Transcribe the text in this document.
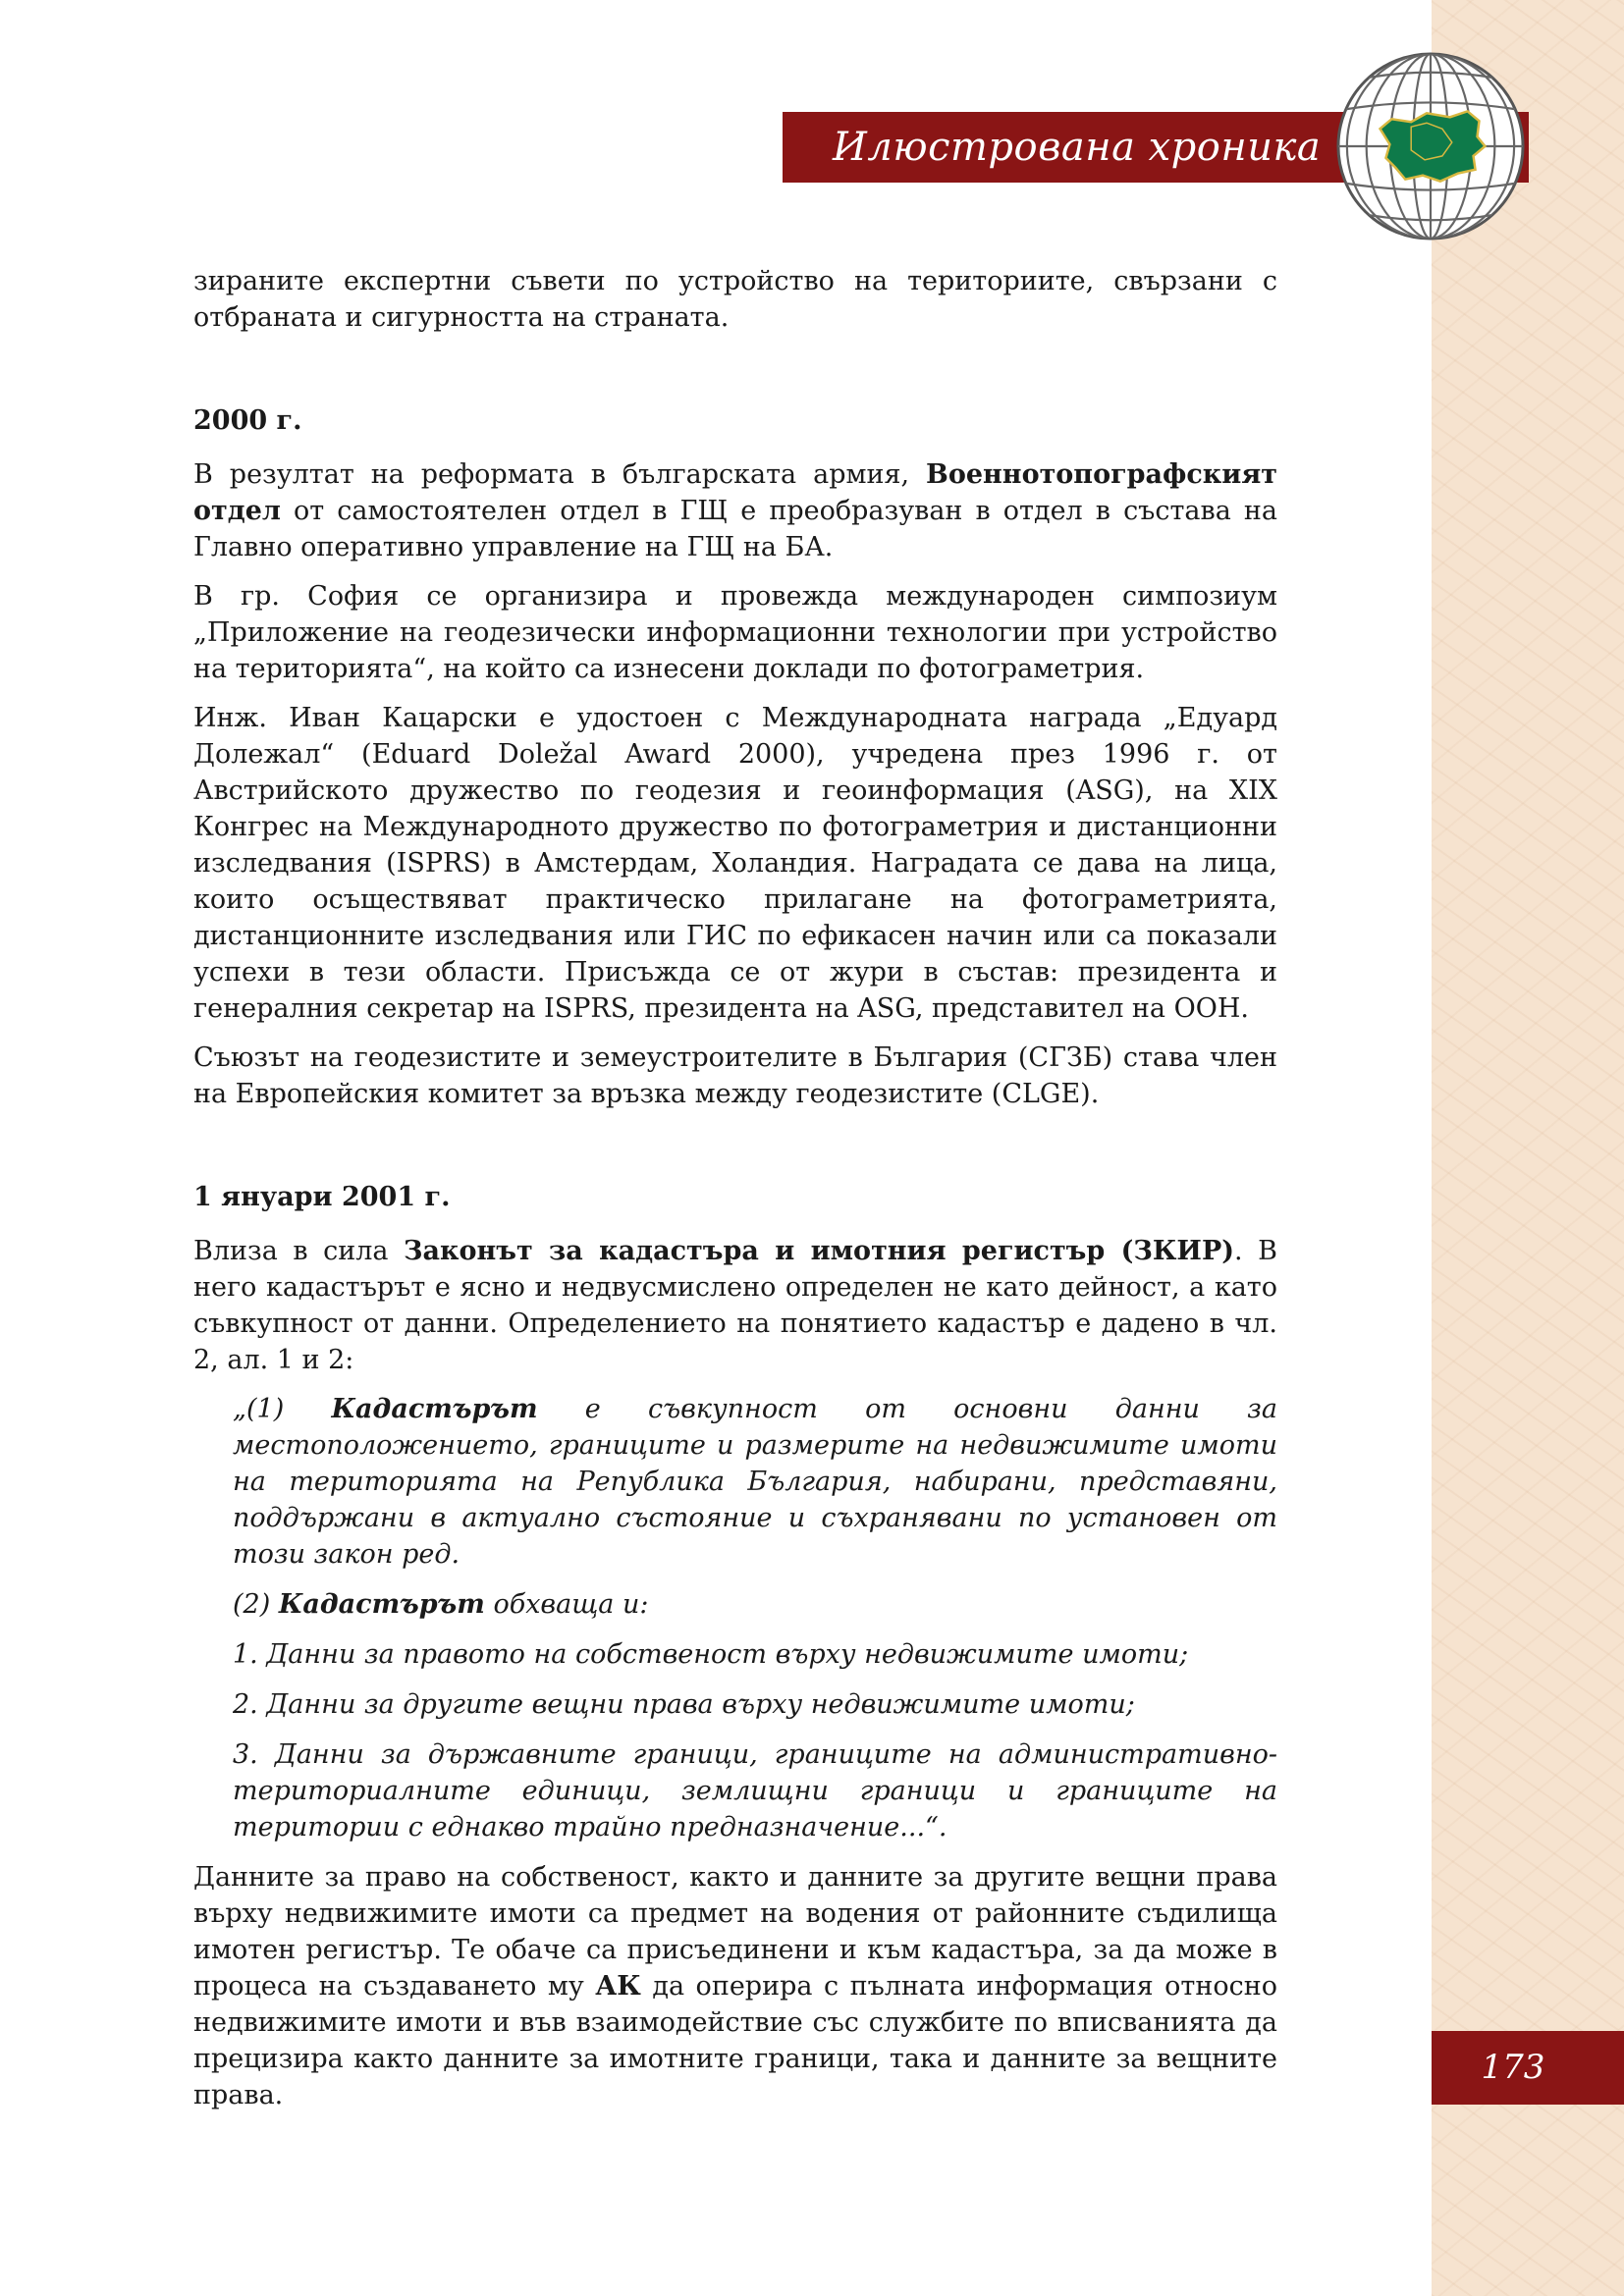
Илюстрована хроника

зираните експертни съвети по устройство на териториите, свързани с отбраната и сигурността на страната.

2000 г.

В резултат на реформата в българската армия, Военнотопографският отдел от самостоятелен отдел в ГЩ е преобразуван в отдел в състава на Главно оперативно управление на ГЩ на БА.

В гр. София се организира и провежда международен симпозиум „Приложение на геодезически информационни технологии при устройство на територията“, на който са изнесени доклади по фотограметрия.

Инж. Иван Кацарски е удостоен с Международната награда „Едуард Долежал“ (Eduard Doležal Award 2000), учредена през 1996 г. от Австрийското дружество по геодезия и геоинформация (ASG), на XIX Конгрес на Международното дружество по фотограметрия и дистанционни изследвания (ISPRS) в Амстердам, Холандия. Наградата се дава на лица, които осъществяват практическо прилагане на фотограметрията, дистанционните изследвания или ГИС по ефикасен начин или са показали успехи в тези области. Присъжда се от жури в състав: президента и генералния секретар на ISPRS, президента на ASG, представител на ООН.

Съюзът на геодезистите и земеустроителите в България (СГЗБ) става член на Европейския комитет за връзка между геодезистите (CLGE).

1 януари 2001 г.

Влиза в сила Законът за кадастъра и имотния регистър (ЗКИР). В него кадастърът е ясно и недвусмислено определен не като дейност, а като съвкупност от данни. Определението на понятието кадастър е дадено в чл. 2, ал. 1 и 2:

„(1) Кадастърът е съвкупност от основни данни за местоположението, границите и размерите на недвижимите имоти на територията на Република България, набирани, представяни, поддържани в актуално състояние и съхранявани по установен от този закон ред.

(2) Кадастърът обхваща и:

1. Данни за правото на собственост върху недвижимите имоти;

2. Данни за другите вещни права върху недвижимите имоти;

3. Данни за държавните граници, границите на административно-териториалните единици, землищни граници и границите на територии с еднакво трайно предназначение...“.

Данните за право на собственост, както и данните за другите вещни права върху недвижимите имоти са предмет на водения от районните съдилища имотен регистър. Те обаче са присъединени и към кадастъра, за да може в процеса на създаването му АК да оперира с пълната информация относно недвижимите имоти и във взаимодействие със службите по вписванията да прецизира както данните за имотните граници, така и данните за вещните права.

173
